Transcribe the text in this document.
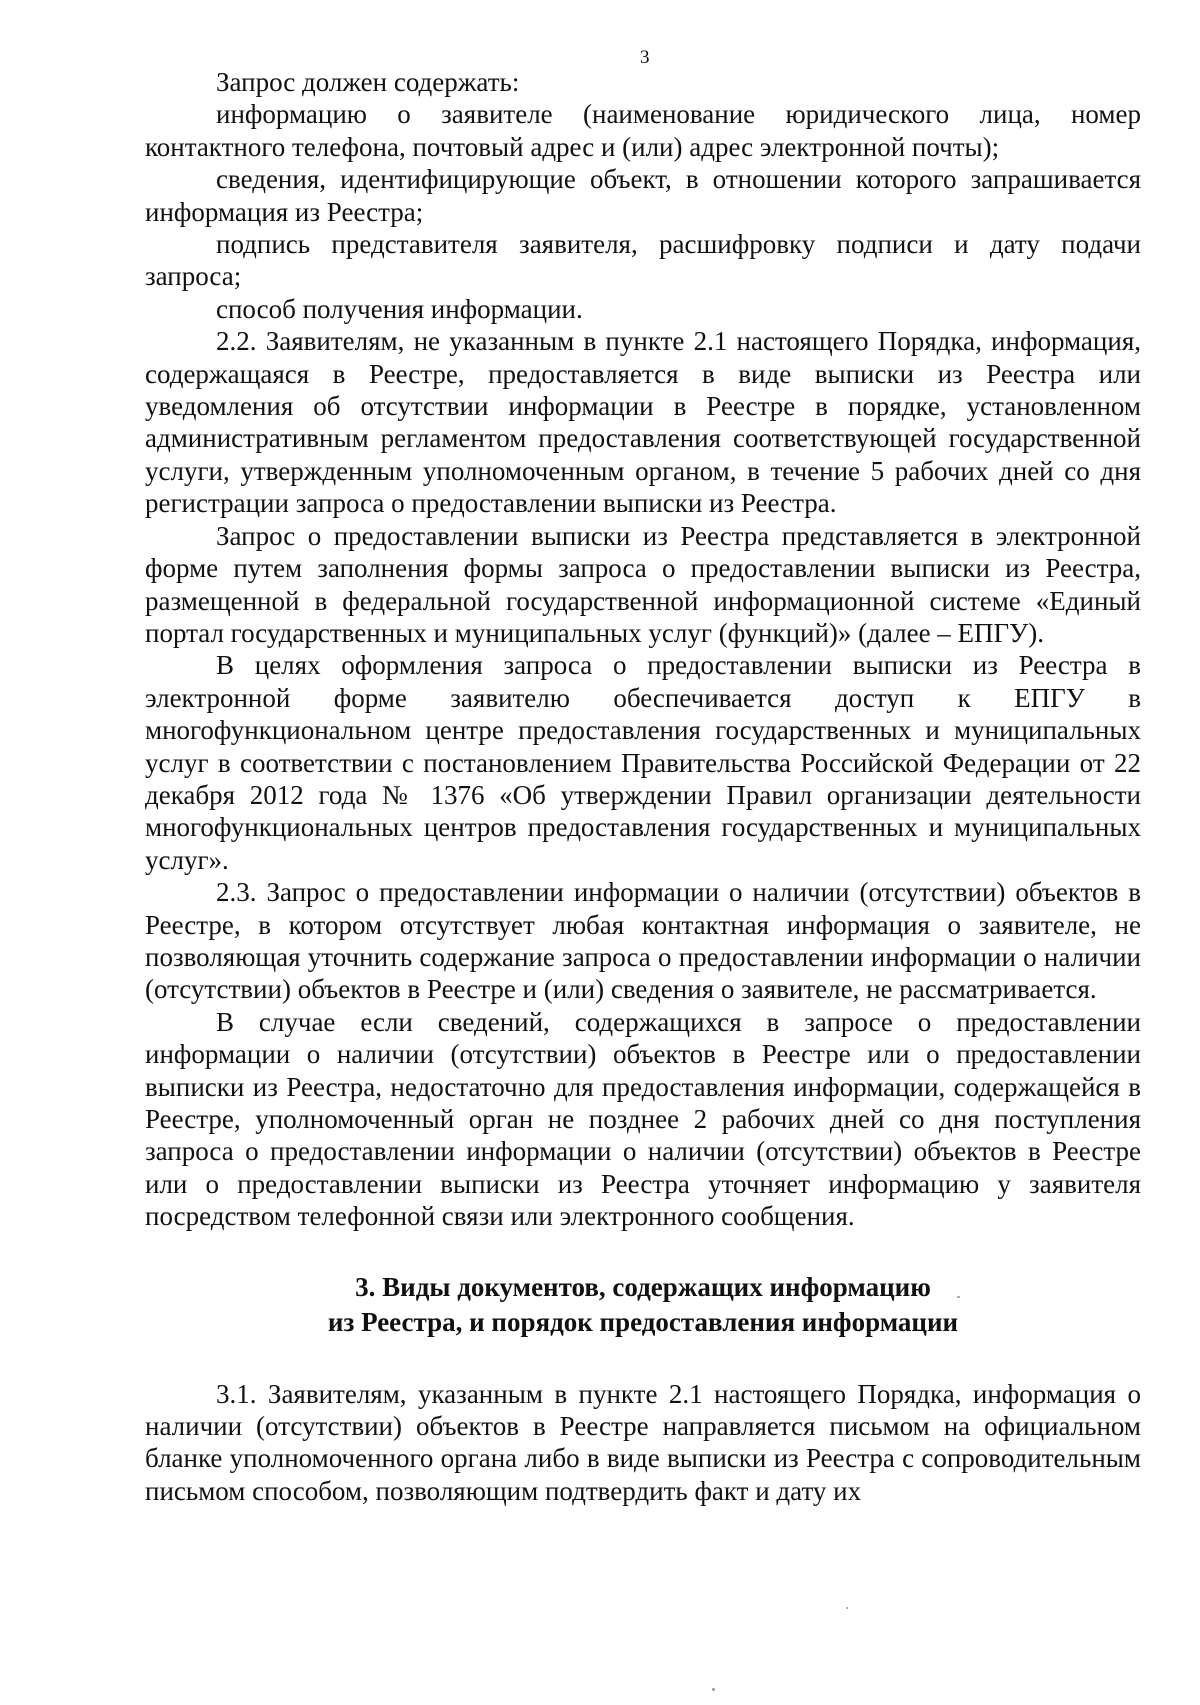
3

Запрос должен содержать:

информацию о заявителе (наименование юридического лица, номер контактного телефона, почтовый адрес и (или) адрес электронной почты);

сведения, идентифицирующие объект, в отношении которого запрашивается информация из Реестра;

подпись представителя заявителя, расшифровку подписи и дату подачи запроса;

способ получения информации.

2.2. Заявителям, не указанным в пункте 2.1 настоящего Порядка, информация, содержащаяся в Реестре, предоставляется в виде выписки из Реестра или уведомления об отсутствии информации в Реестре в порядке, установленном административным регламентом предоставления соответствующей государственной услуги, утвержденным уполномоченным органом, в течение 5 рабочих дней со дня регистрации запроса о предоставлении выписки из Реестра.

Запрос о предоставлении выписки из Реестра представляется в электронной форме путем заполнения формы запроса о предоставлении выписки из Реестра, размещенной в федеральной государственной информационной системе «Единый портал государственных и муниципальных услуг (функций)» (далее – ЕПГУ).

В целях оформления запроса о предоставлении выписки из Реестра в электронной форме заявителю обеспечивается доступ к ЕПГУ в многофункциональном центре предоставления государственных и муниципальных услуг в соответствии с постановлением Правительства Российской Федерации от 22 декабря 2012 года № 1376 «Об утверждении Правил организации деятельности многофункциональных центров предоставления государственных и муниципальных услуг».

2.3. Запрос о предоставлении информации о наличии (отсутствии) объектов в Реестре, в котором отсутствует любая контактная информация о заявителе, не позволяющая уточнить содержание запроса о предоставлении информации о наличии (отсутствии) объектов в Реестре и (или) сведения о заявителе, не рассматривается.

В случае если сведений, содержащихся в запросе о предоставлении информации о наличии (отсутствии) объектов в Реестре или о предоставлении выписки из Реестра, недостаточно для предоставления информации, содержащейся в Реестре, уполномоченный орган не позднее 2 рабочих дней со дня поступления запроса о предоставлении информации о наличии (отсутствии) объектов в Реестре или о предоставлении выписки из Реестра уточняет информацию у заявителя посредством телефонной связи или электронного сообщения.

3. Виды документов, содержащих информацию
из Реестра, и порядок предоставления информации

3.1. Заявителям, указанным в пункте 2.1 настоящего Порядка, информация о наличии (отсутствии) объектов в Реестре направляется письмом на официальном бланке уполномоченного органа либо в виде выписки из Реестра с сопроводительным письмом способом, позволяющим подтвердить факт и дату их
